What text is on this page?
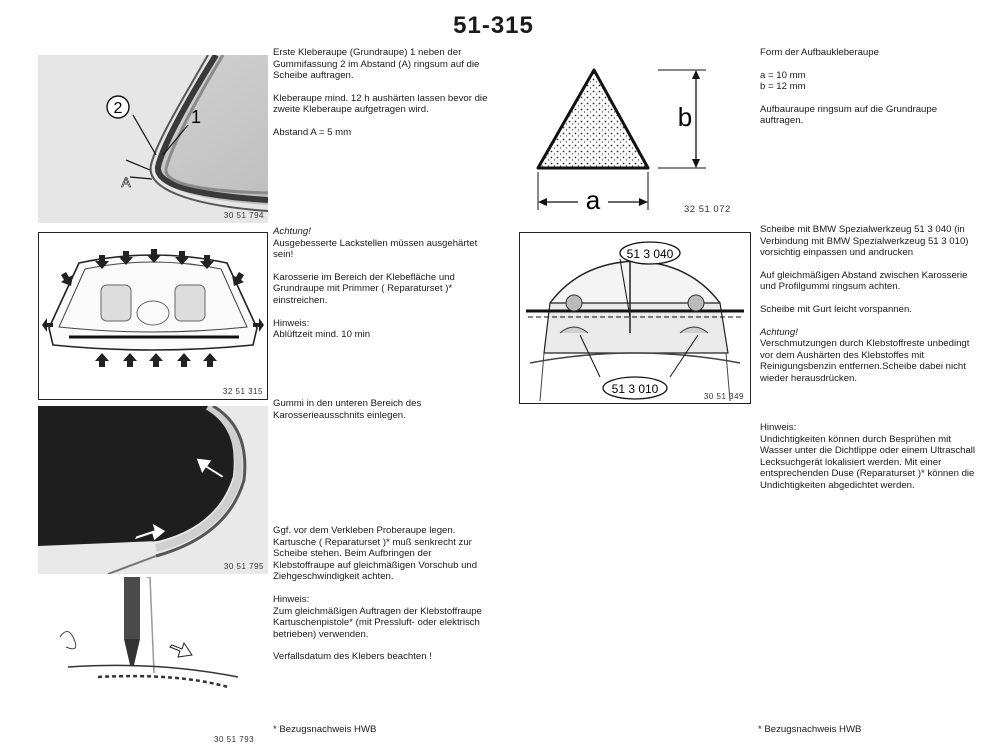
51-315
2	1
A
30 51 794
32 51 315
30 51 795
30 51 793

Erste Kleberaupe (Grundraupe) 1 neben der Gummifassung 2 im Abstand (A) ringsum auf die Scheibe auftragen.

Kleberaupe mind. 12 h aushärten lassen bevor die zweite Kleberaupe aufgetragen wird.

Abstand A = 5 mm

Achtung!

Ausgebesserte Lackstellen müssen ausgehärtet sein!

Karosserie im Bereich der Klebefläche und Grundraupe mit Primmer ( Reparaturset )* einstreichen.

Hinweis:
Ablüftzeit mind. 10 min
Gummi in den unteren Bereich des Karosserieausschnits einlegen.

Ggf. vor dem Verkleben Proberaupe legen. Kartusche ( Reparaturset )* muß senkrecht zur Scheibe stehen. Beim Aufbringen der Klebstoffraupe auf gleichmäßigen Vorschub und Ziehgeschwindigkeit achten.

Hinweis:

Zum gleichmäßigen Auftragen der Klebstoffraupe Kartuschenpistole* (mit Pressluft- oder elektrisch betrieben) verwenden.

Verfallsdatum des Klebers beachten !

* Bezugsnachweis HWB
b
a	32 51 072
51 3 040
51 3 010
30 51 349

Form der Aufbaukleberaupe

a = 10 mm

b = 12 mm

Aufbauraupe ringsum auf die Grundraupe auftragen.

Scheibe mit BMW Spezialwerkzeug 51 3 040 (in Verbindung mit BMW Spezialwerkzeug 51 3 010) vorsichtig einpassen und andrucken

Auf gleichmäßigen Abstand zwischen Karosserie und Profilgummi ringsum achten.

Scheibe mit Gurt leicht vorspannen.

Achtung!

Verschmutzungen durch Klebstoffreste unbedingt vor dem Aushärten des Klebstoffes mit Reinigungsbenzin entfernen.Scheibe dabei nicht wieder herausdrücken.

Hinweis:
Undichtigkeiten können durch Besprühen mit Wasser unter die Dichtlippe oder einem Ultraschall Lecksuchgerät lokalisiert werden. Mit einer entsprechenden Duse (Reparaturset )* können die Undichtigkeiten abgedichtet werden.
* Bezugsnachweis HWB
